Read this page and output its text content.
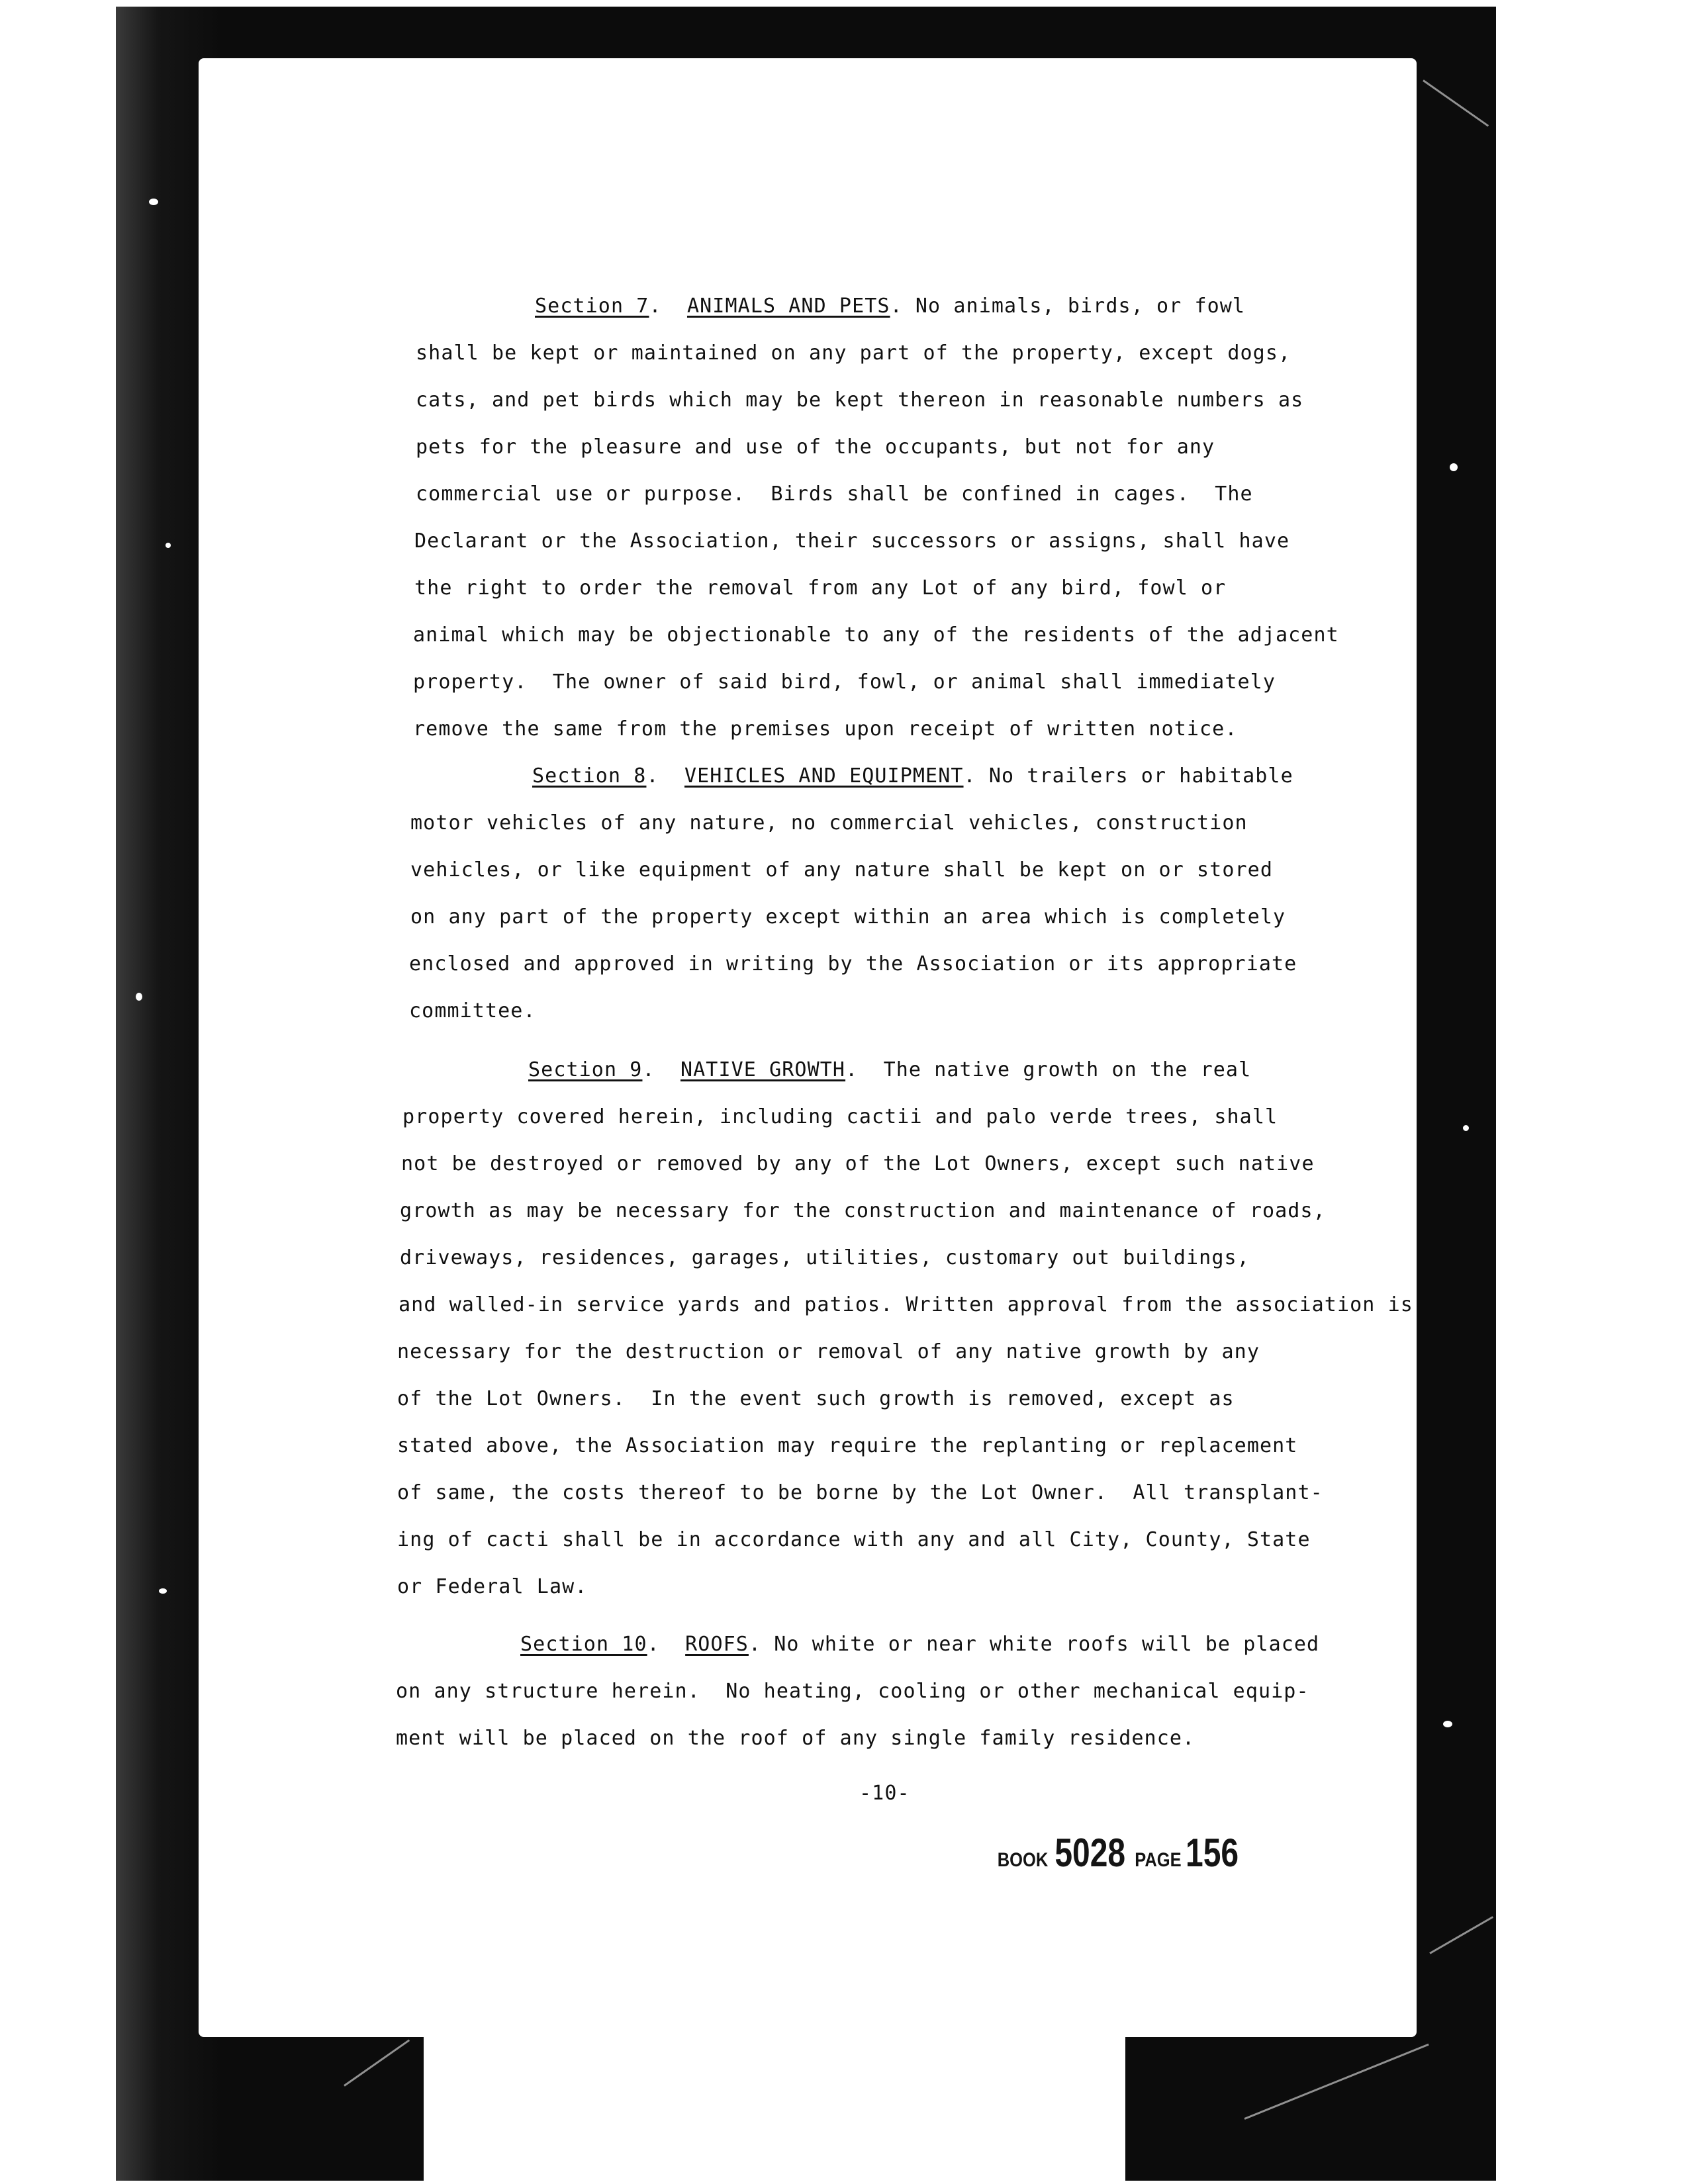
Section 7.  ANIMALS AND PETS. No animals, birds, or fowl
shall be kept or maintained on any part of the property, except dogs,
cats, and pet birds which may be kept thereon in reasonable numbers as
pets for the pleasure and use of the occupants, but not for any
commercial use or purpose.  Birds shall be confined in cages.  The
Declarant or the Association, their successors or assigns, shall have
the right to order the removal from any Lot of any bird, fowl or
animal which may be objectionable to any of the residents of the adjacent
property.  The owner of said bird, fowl, or animal shall immediately
remove the same from the premises upon receipt of written notice.
Section 8.  VEHICLES AND EQUIPMENT. No trailers or habitable
motor vehicles of any nature, no commercial vehicles, construction
vehicles, or like equipment of any nature shall be kept on or stored
on any part of the property except within an area which is completely
enclosed and approved in writing by the Association or its appropriate
committee.
Section 9.  NATIVE GROWTH.  The native growth on the real
property covered herein, including cactii and palo verde trees, shall
not be destroyed or removed by any of the Lot Owners, except such native
growth as may be necessary for the construction and maintenance of roads,
driveways, residences, garages, utilities, customary out buildings,
and walled-in service yards and patios. Written approval from the association is
necessary for the destruction or removal of any native growth by any
of the Lot Owners.  In the event such growth is removed, except as
stated above, the Association may require the replanting or replacement
of same, the costs thereof to be borne by the Lot Owner.  All transplant-
ing of cacti shall be in accordance with any and all City, County, State
or Federal Law.
Section 10.  ROOFS. No white or near white roofs will be placed
on any structure herein.  No heating, cooling or other mechanical equip-
ment will be placed on the roof of any single family residence.
-10-
BOOK 5028 PAGE 156
